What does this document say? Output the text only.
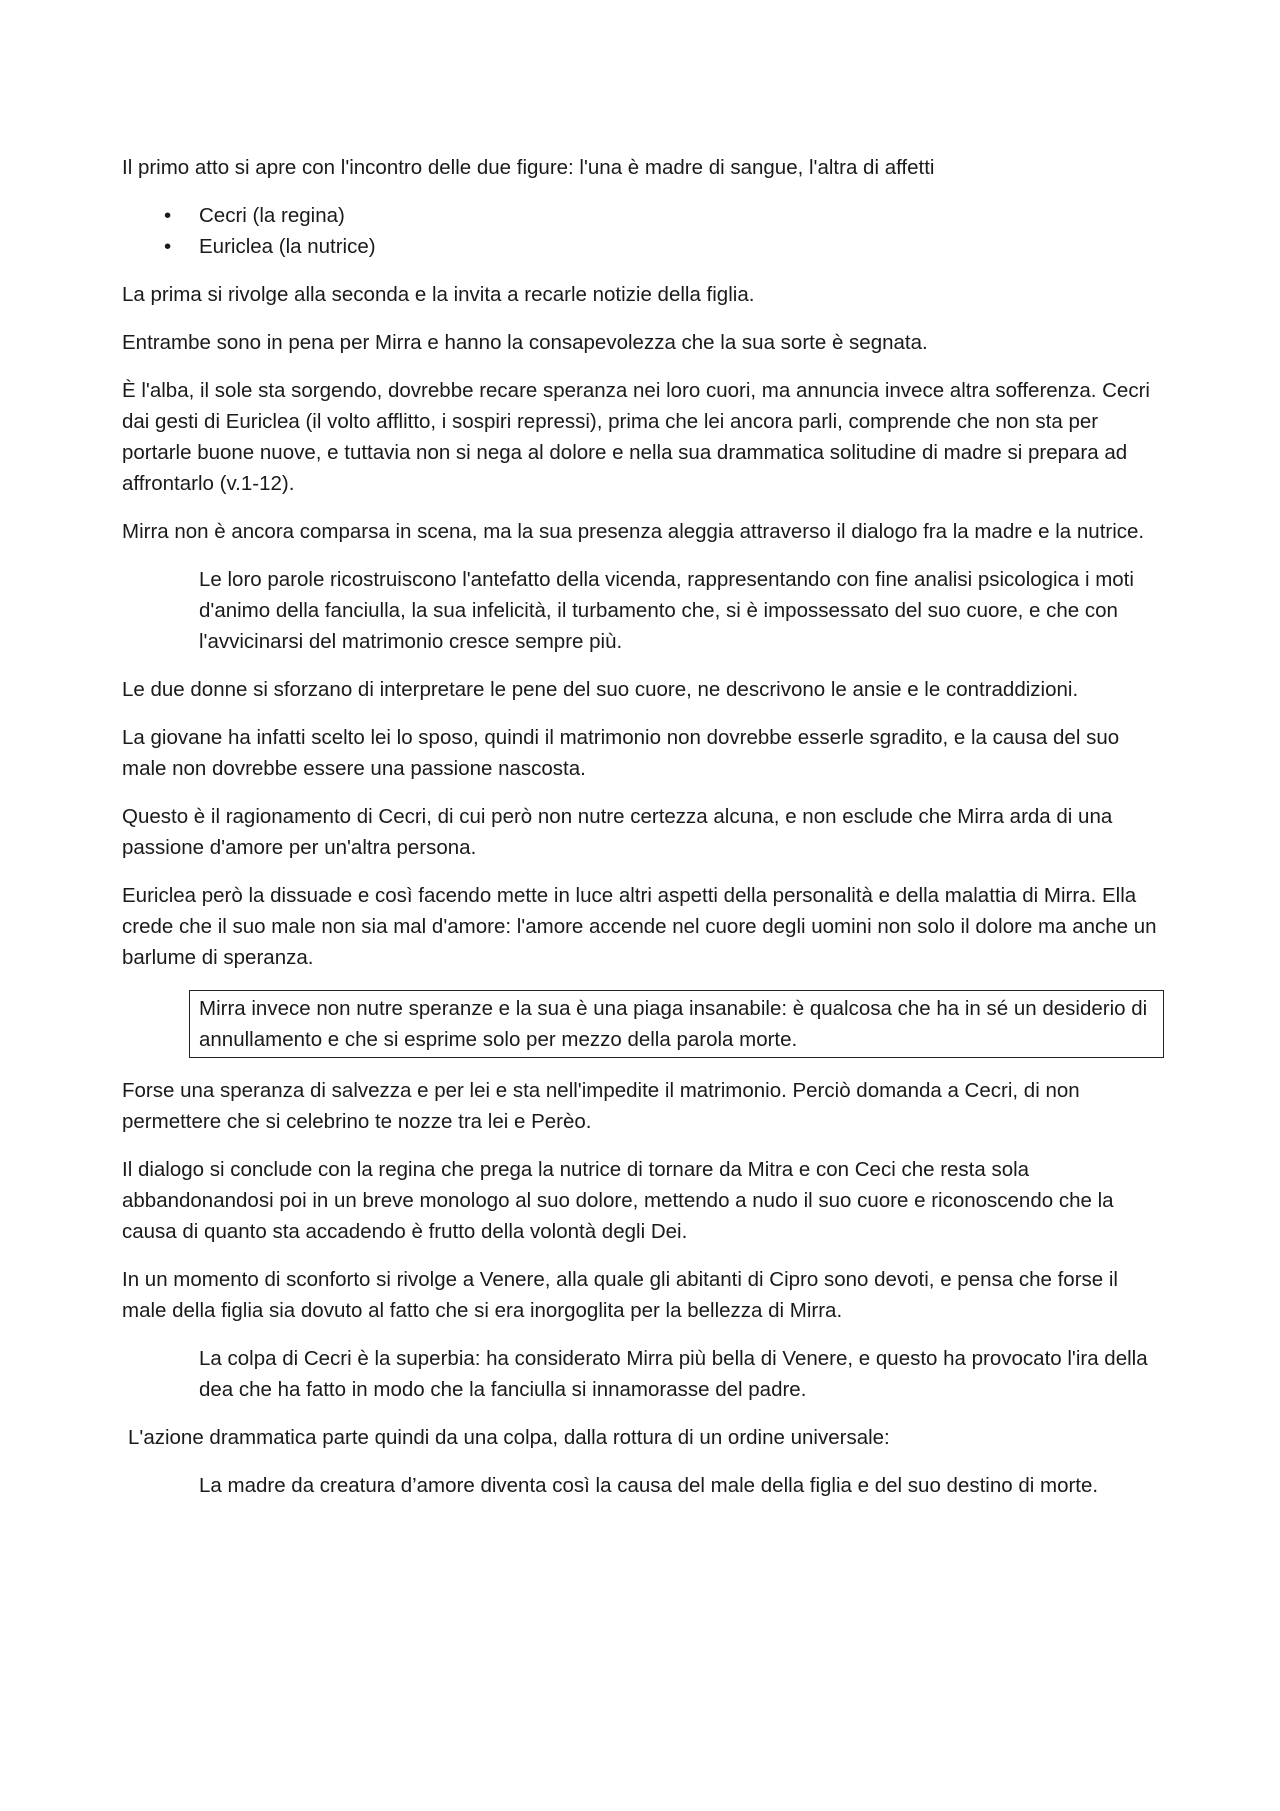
Il primo atto si apre con l'incontro delle due figure: l'una è madre di sangue, l'altra di affetti

• Cecri (la regina)
• Euriclea (la nutrice)

La prima si rivolge alla seconda e la invita a recarle notizie della figlia.

Entrambe sono in pena per Mirra e hanno la consapevolezza che la sua sorte è segnata.

È l'alba, il sole sta sorgendo, dovrebbe recare speranza nei loro cuori, ma annuncia invece altra sofferenza. Cecri dai gesti di Euriclea (il volto afflitto, i sospiri repressi), prima che lei ancora parli, comprende che non sta per portarle buone nuove, e tuttavia non si nega al dolore e nella sua drammatica solitudine di madre si prepara ad affrontarlo (v.1-12).

Mirra non è ancora comparsa in scena, ma la sua presenza aleggia attraverso il dialogo fra la madre e la nutrice.

Le loro parole ricostruiscono l'antefatto della vicenda, rappresentando con fine analisi psicologica i moti d'animo della fanciulla, la sua infelicità, il turbamento che, si è impossessato del suo cuore, e che con l'avvicinarsi del matrimonio cresce sempre più.

Le due donne si sforzano di interpretare le pene del suo cuore, ne descrivono le ansie e le contraddizioni.

La giovane ha infatti scelto lei lo sposo, quindi il matrimonio non dovrebbe esserle sgradito, e la causa del suo male non dovrebbe essere una passione nascosta.

Questo è il ragionamento di Cecri, di cui però non nutre certezza alcuna, e non esclude che Mirra arda di una passione d'amore per un'altra persona.

Euriclea però la dissuade e così facendo mette in luce altri aspetti della personalità e della malattia di Mirra. Ella crede che il suo male non sia mal d'amore: l'amore accende nel cuore degli uomini non solo il dolore ma anche un barlume di speranza.

Mirra invece non nutre speranze e la sua è una piaga insanabile: è qualcosa che ha in sé un desiderio di annullamento e che si esprime solo per mezzo della parola morte.

Forse una speranza di salvezza e per lei e sta nell'impedite il matrimonio. Perciò domanda a Cecri, di non permettere che si celebrino te nozze tra lei e Perèo.

Il dialogo si conclude con la regina che prega la nutrice di tornare da Mitra e con Ceci che resta sola abbandonandosi poi in un breve monologo al suo dolore, mettendo a nudo il suo cuore e riconoscendo che la causa di quanto sta accadendo è frutto della volontà degli Dei.

In un momento di sconforto si rivolge a Venere, alla quale gli abitanti di Cipro sono devoti, e pensa che forse il male della figlia sia dovuto al fatto che si era inorgoglita per la bellezza di Mirra.

La colpa di Cecri è la superbia: ha considerato Mirra più bella di Venere, e questo ha provocato l'ira della dea che ha fatto in modo che la fanciulla si innamorasse del padre.

L'azione drammatica parte quindi da una colpa, dalla rottura di un ordine universale:

La madre da creatura d’amore diventa così la causa del male della figlia e del suo destino di morte.
